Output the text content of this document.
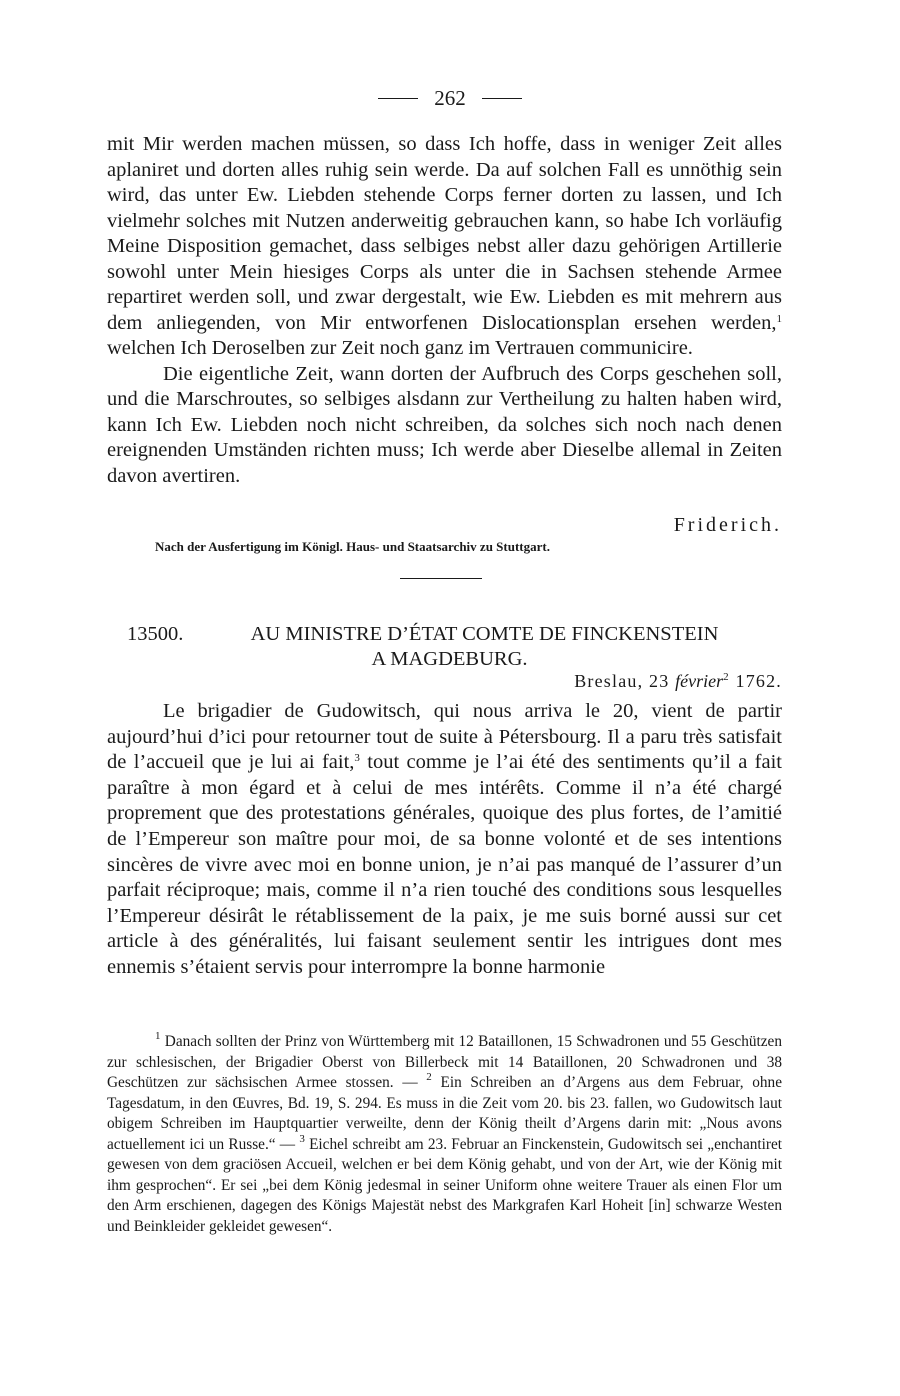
262

mit Mir werden machen müssen, so dass Ich hoffe, dass in weniger Zeit alles aplaniret und dorten alles ruhig sein werde. Da auf solchen Fall es unnöthig sein wird, das unter Ew. Liebden stehende Corps ferner dorten zu lassen, und Ich vielmehr solches mit Nutzen anderweitig gebrauchen kann, so habe Ich vorläufig Meine Disposition gemachet, dass selbiges nebst aller dazu gehörigen Artillerie sowohl unter Mein hiesiges Corps als unter die in Sachsen stehende Armee repartiret werden soll, und zwar dergestalt, wie Ew. Liebden es mit mehrern aus dem anliegenden, von Mir entworfenen Dislocationsplan ersehen werden,$^1$ welchen Ich Deroselben zur Zeit noch ganz im Vertrauen communicire.

Die eigentliche Zeit, wann dorten der Aufbruch des Corps geschehen soll, und die Marschroutes, so selbiges alsdann zur Vertheilung zu halten haben wird, kann Ich Ew. Liebden noch nicht schreiben, da solches sich noch nach denen ereignenden Umständen richten muss; Ich werde aber Dieselbe allemal in Zeiten davon avertiren.

Friderich.
Nach der Ausfertigung im Königl. Haus- und Staatsarchiv zu Stuttgart.
13500.	AU MINISTRE D’ÉTAT COMTE DE FINCKENSTEIN
A MAGDEBURG.
Breslau, 23 février$^2$ 1762.

Le brigadier de Gudowitsch, qui nous arriva le 20, vient de partir aujourd’hui d’ici pour retourner tout de suite à Pétersbourg. Il a paru très satisfait de l’accueil que je lui ai fait,$^3$ tout comme je l’ai été des sentiments qu’il a fait paraître à mon égard et à celui de mes intérêts. Comme il n’a été chargé proprement que des protestations générales, quoique des plus fortes, de l’amitié de l’Empereur son maître pour moi, de sa bonne volonté et de ses intentions sincères de vivre avec moi en bonne union, je n’ai pas manqué de l’assurer d’un parfait réciproque; mais, comme il n’a rien touché des conditions sous lesquelles l’Empereur désirât le rétablissement de la paix, je me suis borné aussi sur cet article à des généralités, lui faisant seulement sentir les intrigues dont mes ennemis s’étaient servis pour interrompre la bonne harmonie

$^1$ Danach sollten der Prinz von Württemberg mit 12 Bataillonen, 15 Schwadronen und 55 Geschützen zur schlesischen, der Brigadier Oberst von Billerbeck mit 14 Bataillonen, 20 Schwadronen und 38 Geschützen zur sächsischen Armee stossen. — $^2$ Ein Schreiben an d’Argens aus dem Februar, ohne Tagesdatum, in den Œuvres, Bd. 19, S. 294. Es muss in die Zeit vom 20. bis 23. fallen, wo Gudowitsch laut obigem Schreiben im Hauptquartier verweilte, denn der König theilt d’Argens darin mit: „Nous avons actuellement ici un Russe.“ — $^3$ Eichel schreibt am 23. Februar an Finckenstein, Gudowitsch sei „enchantiret gewesen von dem graciösen Accueil, welchen er bei dem König gehabt, und von der Art, wie der König mit ihm gesprochen“. Er sei „bei dem König jedesmal in seiner Uniform ohne weitere Trauer als einen Flor um den Arm erschienen, dagegen des Königs Majestät nebst des Markgrafen Karl Hoheit [in] schwarze Westen und Beinkleider gekleidet gewesen“.
